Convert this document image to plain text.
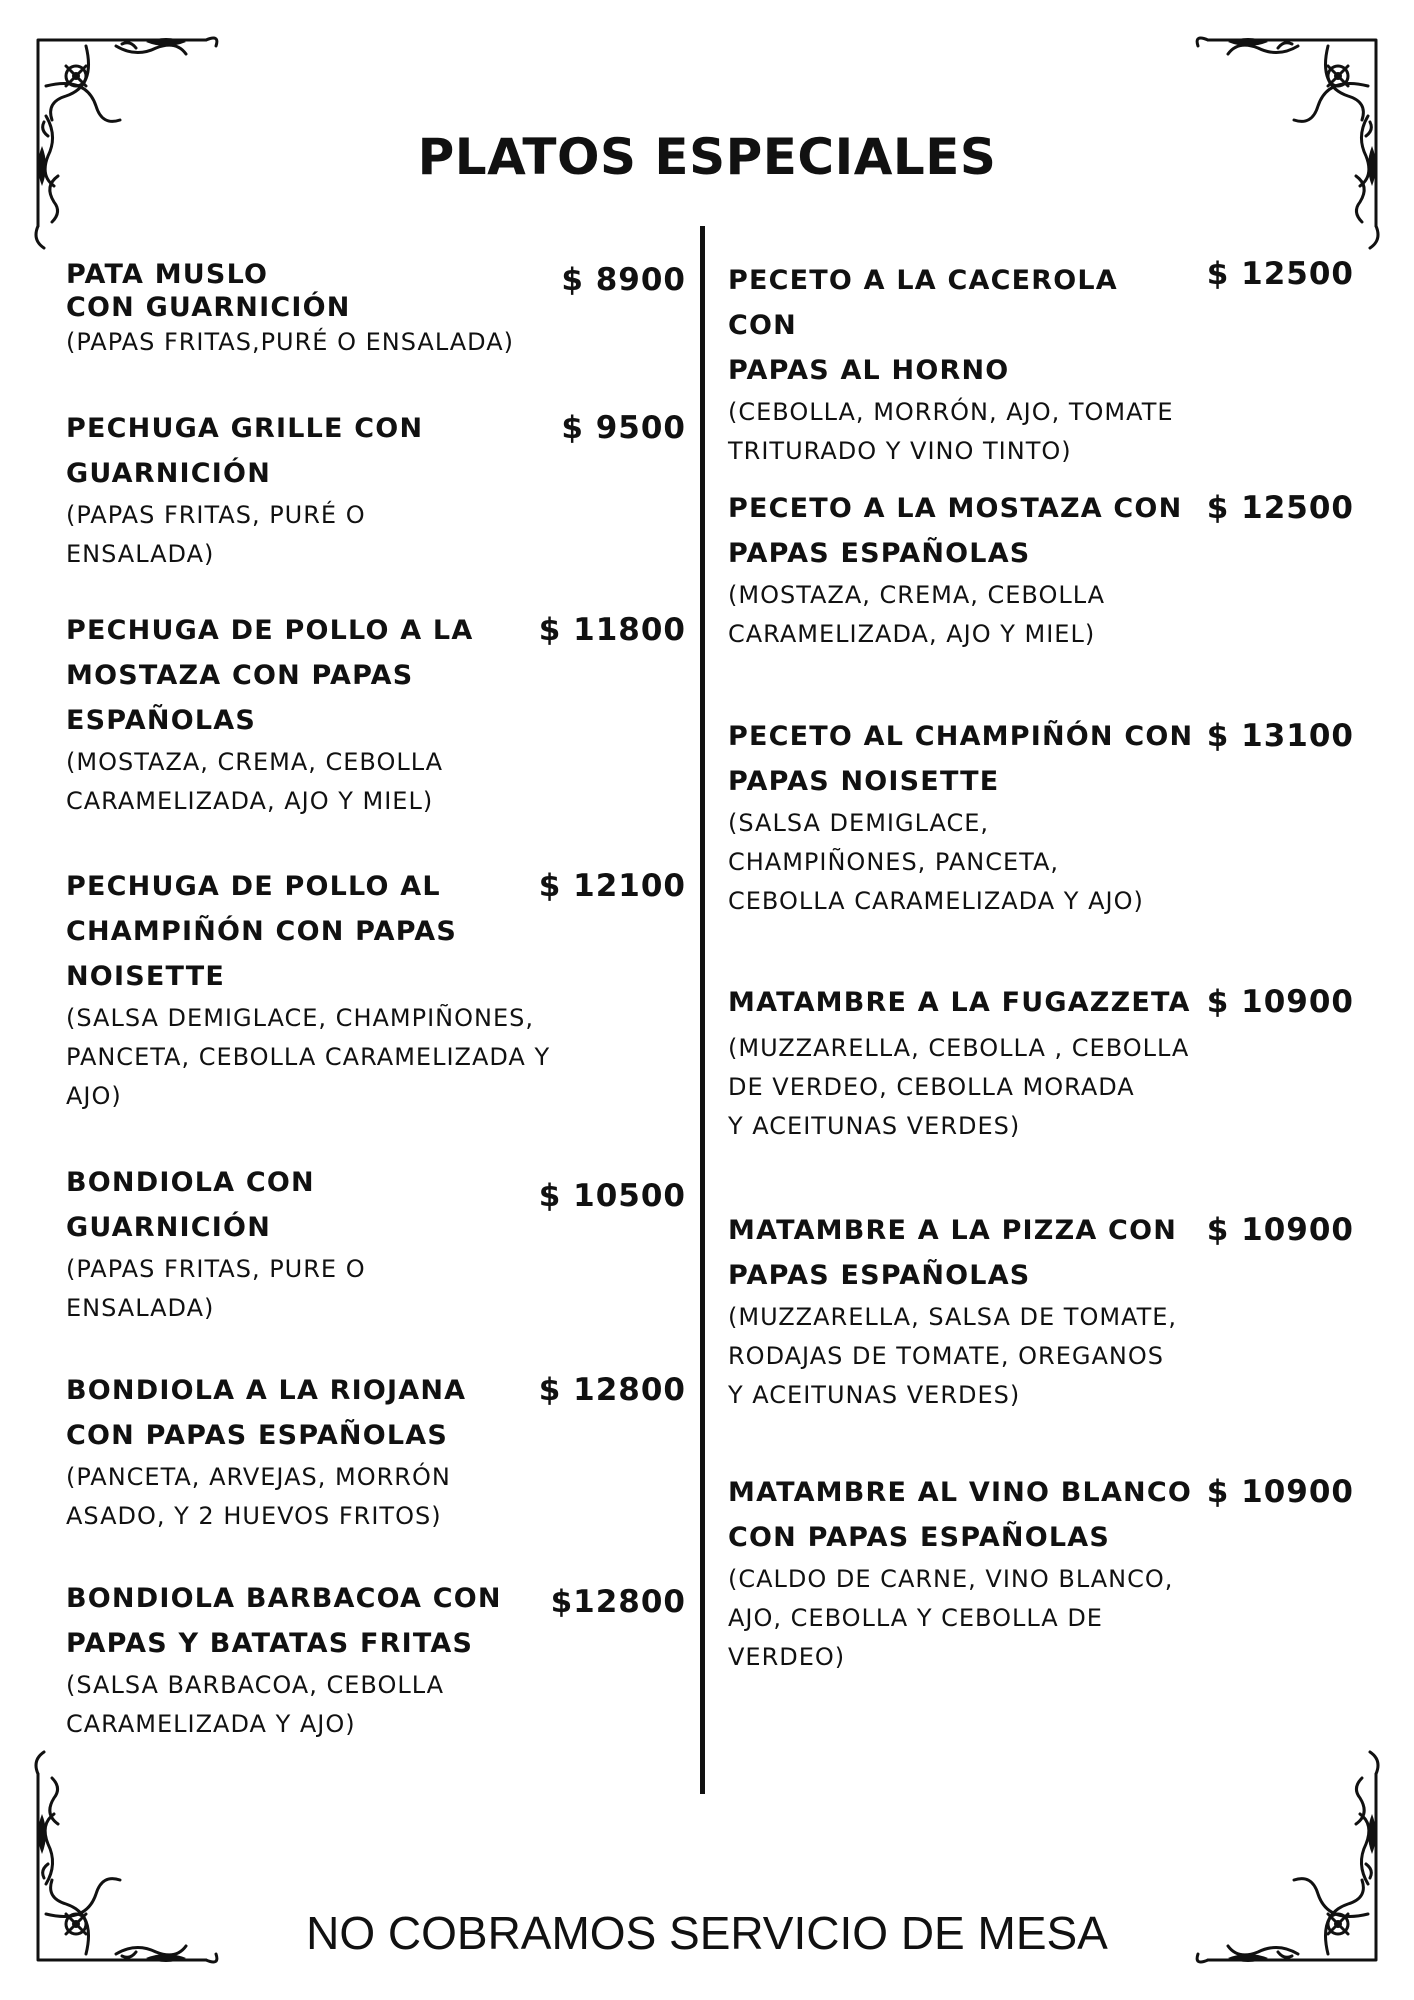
PLATOS ESPECIALES
PATA MUSLO
CON GUARNICIÓN
$ 8900
(PAPAS FRITAS,PURÉ O ENSALADA)
PECHUGA GRILLE CON
GUARNICIÓN
$ 9500
(PAPAS FRITAS, PURÉ O
ENSALADA)
PECHUGA DE POLLO A LA
MOSTAZA CON PAPAS
ESPAÑOLAS
$ 11800
(MOSTAZA, CREMA, CEBOLLA
CARAMELIZADA, AJO Y MIEL)
PECHUGA DE POLLO AL
CHAMPIÑÓN CON PAPAS
NOISETTE
$ 12100
(SALSA DEMIGLACE, CHAMPIÑONES,
PANCETA, CEBOLLA CARAMELIZADA Y
AJO)
BONDIOLA CON
GUARNICIÓN
$ 10500
(PAPAS FRITAS, PURE O
ENSALADA)
BONDIOLA A LA RIOJANA
CON PAPAS ESPAÑOLAS
$ 12800
(PANCETA, ARVEJAS, MORRÓN
ASADO, Y 2 HUEVOS FRITOS)
BONDIOLA BARBACOA CON
PAPAS Y BATATAS FRITAS
$12800
(SALSA BARBACOA, CEBOLLA
CARAMELIZADA Y AJO)
PECETO A LA CACEROLA CON
PAPAS AL HORNO
$ 12500
(CEBOLLA, MORRÓN, AJO, TOMATE
TRITURADO Y VINO TINTO)
PECETO A LA MOSTAZA CON
PAPAS ESPAÑOLAS
$ 12500
(MOSTAZA, CREMA, CEBOLLA
CARAMELIZADA, AJO Y MIEL)
PECETO AL CHAMPIÑÓN CON
PAPAS NOISETTE
$ 13100
(SALSA DEMIGLACE,
CHAMPIÑONES, PANCETA,
CEBOLLA CARAMELIZADA Y AJO)
MATAMBRE A LA FUGAZZETA $ 10900
(MUZZARELLA, CEBOLLA , CEBOLLA
DE VERDEO, CEBOLLA MORADA
Y ACEITUNAS VERDES)
MATAMBRE A LA PIZZA CON
PAPAS ESPAÑOLAS
$ 10900
(MUZZARELLA, SALSA DE TOMATE,
RODAJAS DE TOMATE, OREGANOS
Y ACEITUNAS VERDES)
MATAMBRE AL VINO BLANCO
CON PAPAS ESPAÑOLAS
$ 10900
(CALDO DE CARNE, VINO BLANCO,
AJO, CEBOLLA Y CEBOLLA DE
VERDEO)

NO COBRAMOS SERVICIO DE MESA
